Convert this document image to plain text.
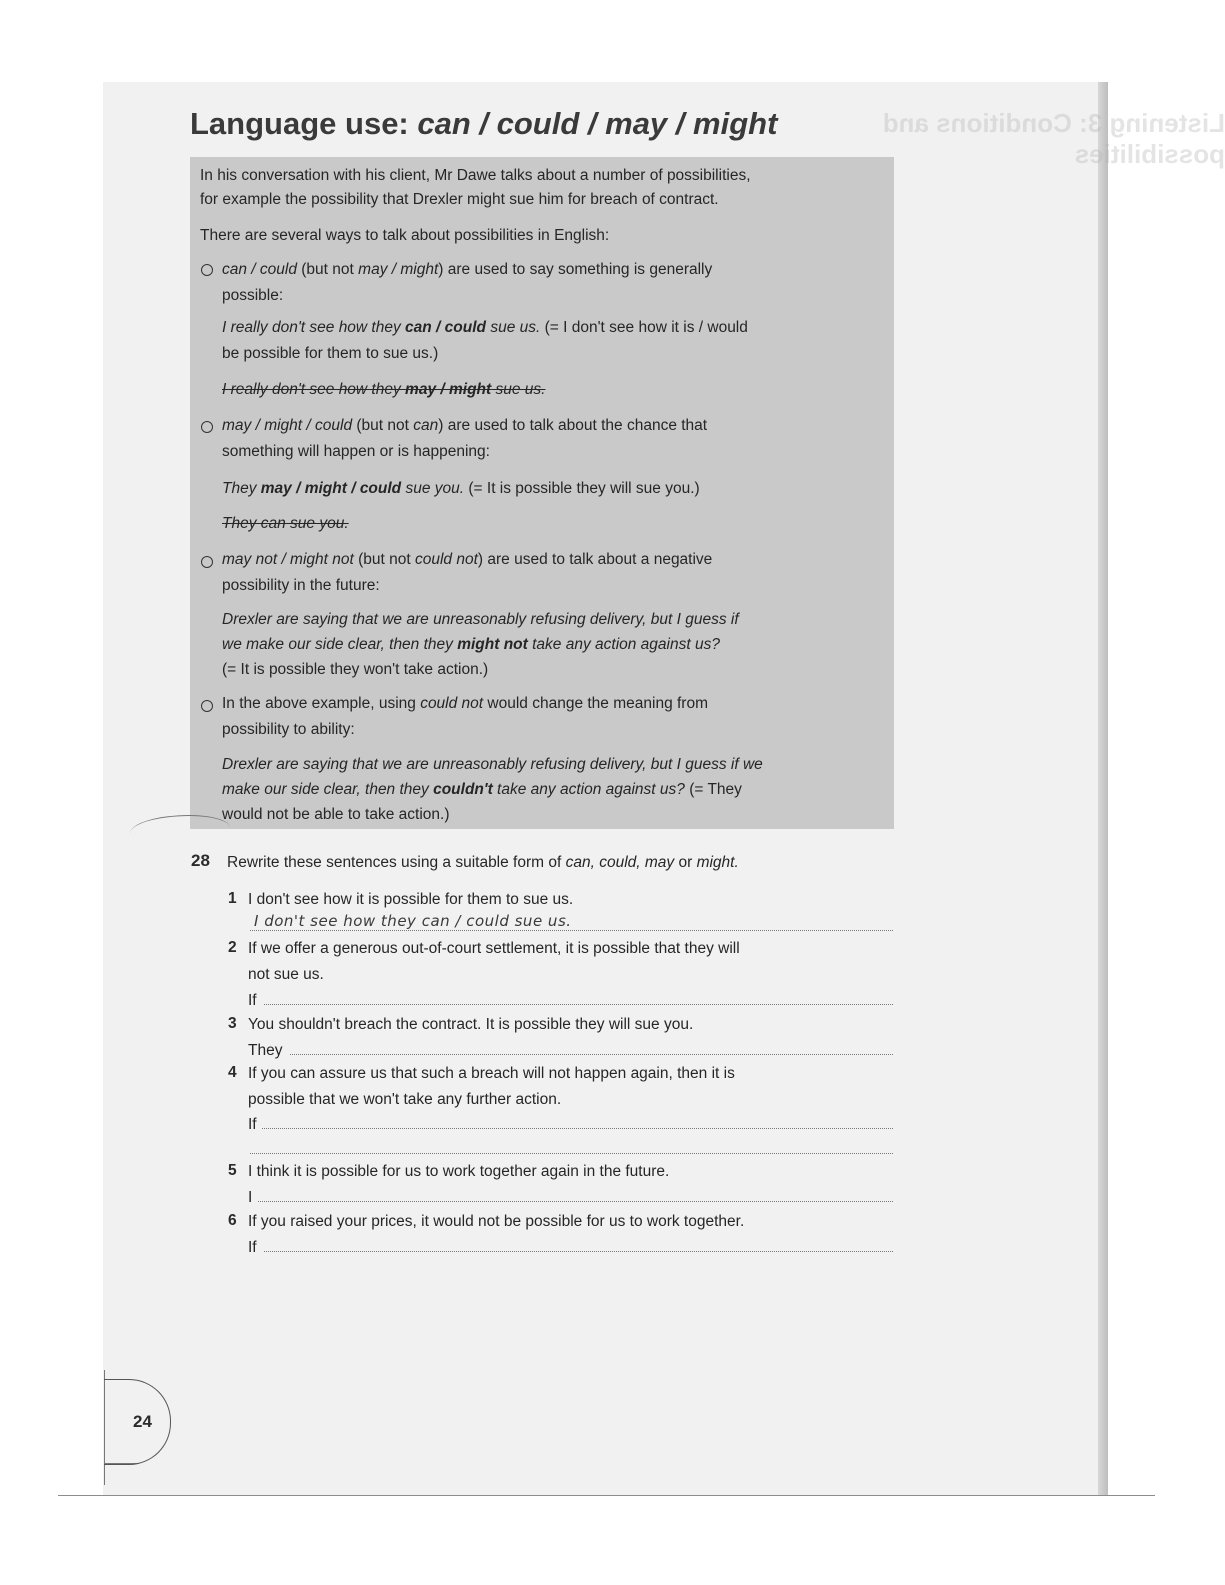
Listening 3: Conditions and possibilities
Language use: can / could / may / might
In his conversation with his client, Mr Dawe talks about a number of possibilities,
for example the possibility that Drexler might sue him for breach of contract.
There are several ways to talk about possibilities in English:
can / could (but not may / might) are used to say something is generally
possible:
I really don't see how they can / could sue us. (= I don't see how it is / would
be possible for them to sue us.)
I really don't see how they may / might sue us.
may / might / could (but not can) are used to talk about the chance that
something will happen or is happening:
They may / might / could sue you. (= It is possible they will sue you.)
They can sue you.
may not / might not (but not could not) are used to talk about a negative
possibility in the future:
Drexler are saying that we are unreasonably refusing delivery, but I guess if
we make our side clear, then they might not take any action against us?
(= It is possible they won't take action.)
In the above example, using could not would change the meaning from
possibility to ability:
Drexler are saying that we are unreasonably refusing delivery, but I guess if we
make our side clear, then they couldn't take any action against us? (= They
would not be able to take action.)
28 Rewrite these sentences using a suitable form of can, could, may or might.
1 I don't see how it is possible for them to sue us.
I don't see how they can / could sue us.
2 If we offer a generous out-of-court settlement, it is possible that they will
not sue us.
If
3 You shouldn't breach the contract. It is possible they will sue you.
They
4 If you can assure us that such a breach will not happen again, then it is
possible that we won't take any further action.
If
5 I think it is possible for us to work together again in the future.
I
6 If you raised your prices, it would not be possible for us to work together.
If
24
